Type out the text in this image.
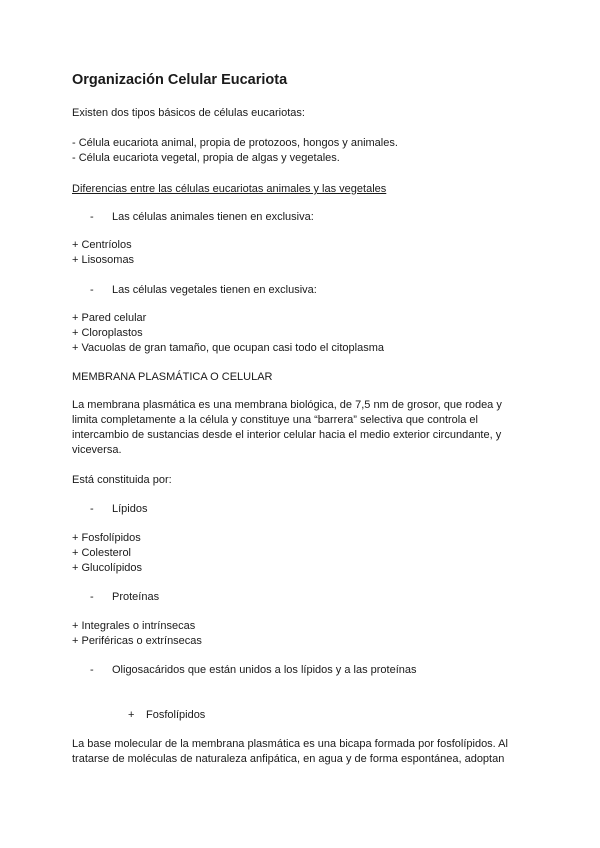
Organización Celular Eucariota
Existen dos tipos básicos de células eucariotas:
- Célula eucariota animal, propia de protozoos, hongos y animales.
- Célula eucariota vegetal, propia de algas y vegetales.
Diferencias entre las células eucariotas animales y las vegetales
- Las células animales tienen en exclusiva:
+ Centríolos
+ Lisosomas
- Las células vegetales tienen en exclusiva:
+ Pared celular
+ Cloroplastos
+ Vacuolas de gran tamaño, que ocupan casi todo el citoplasma
MEMBRANA PLASMÁTICA O CELULAR
La membrana plasmática es una membrana biológica, de 7,5 nm de grosor, que rodea y
limita completamente a la célula y constituye una “barrera” selectiva que controla el
intercambio de sustancias desde el interior celular hacia el medio exterior circundante, y
viceversa.
Está constituida por:
- Lípidos
+ Fosfolípidos
+ Colesterol
+ Glucolípidos
- Proteínas
+ Integrales o intrínsecas
+ Periféricas o extrínsecas
- Oligosacáridos que están unidos a los lípidos y a las proteínas
+ Fosfolípidos
La base molecular de la membrana plasmática es una bicapa formada por fosfolípidos. Al
tratarse de moléculas de naturaleza anfipática, en agua y de forma espontánea, adoptan
